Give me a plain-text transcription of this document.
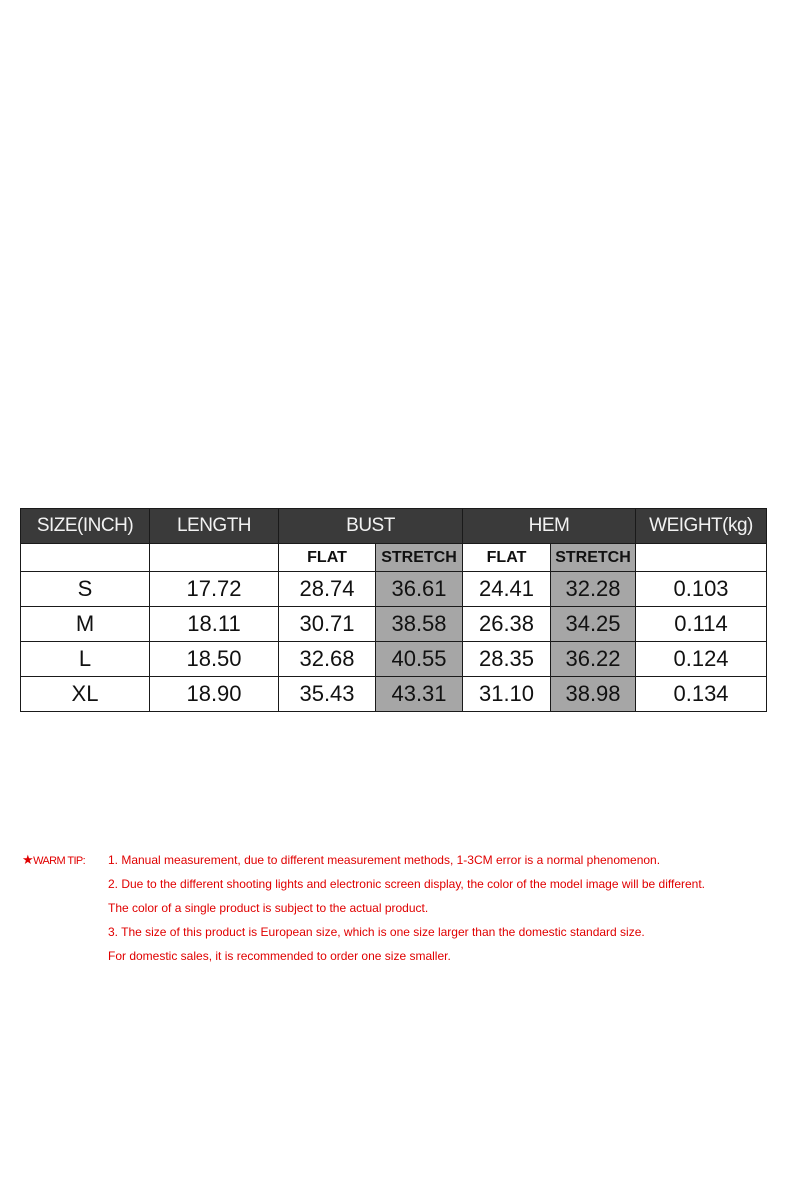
SIZE(INCH)	LENGTH	BUST		HEM		WEIGHT(kg)
		FLAT	STRETCH	FLAT	STRETCH	
S	17.72	28.74	36.61	24.41	32.28	0.103
M	18.11	30.71	38.58	26.38	34.25	0.114
L	18.50	32.68	40.55	28.35	36.22	0.124
XL	18.90	35.43	43.31	31.10	38.98	0.134
★WARM TIP:	1. Manual measurement, due to different measurement methods, 1-3CM error is a normal phenomenon.
2. Due to the different shooting lights and electronic screen display, the color of the model image will be different.
The color of a single product is subject to the actual product.
3. The size of this product is European size, which is one size larger than the domestic standard size.
For domestic sales, it is recommended to order one size smaller.
